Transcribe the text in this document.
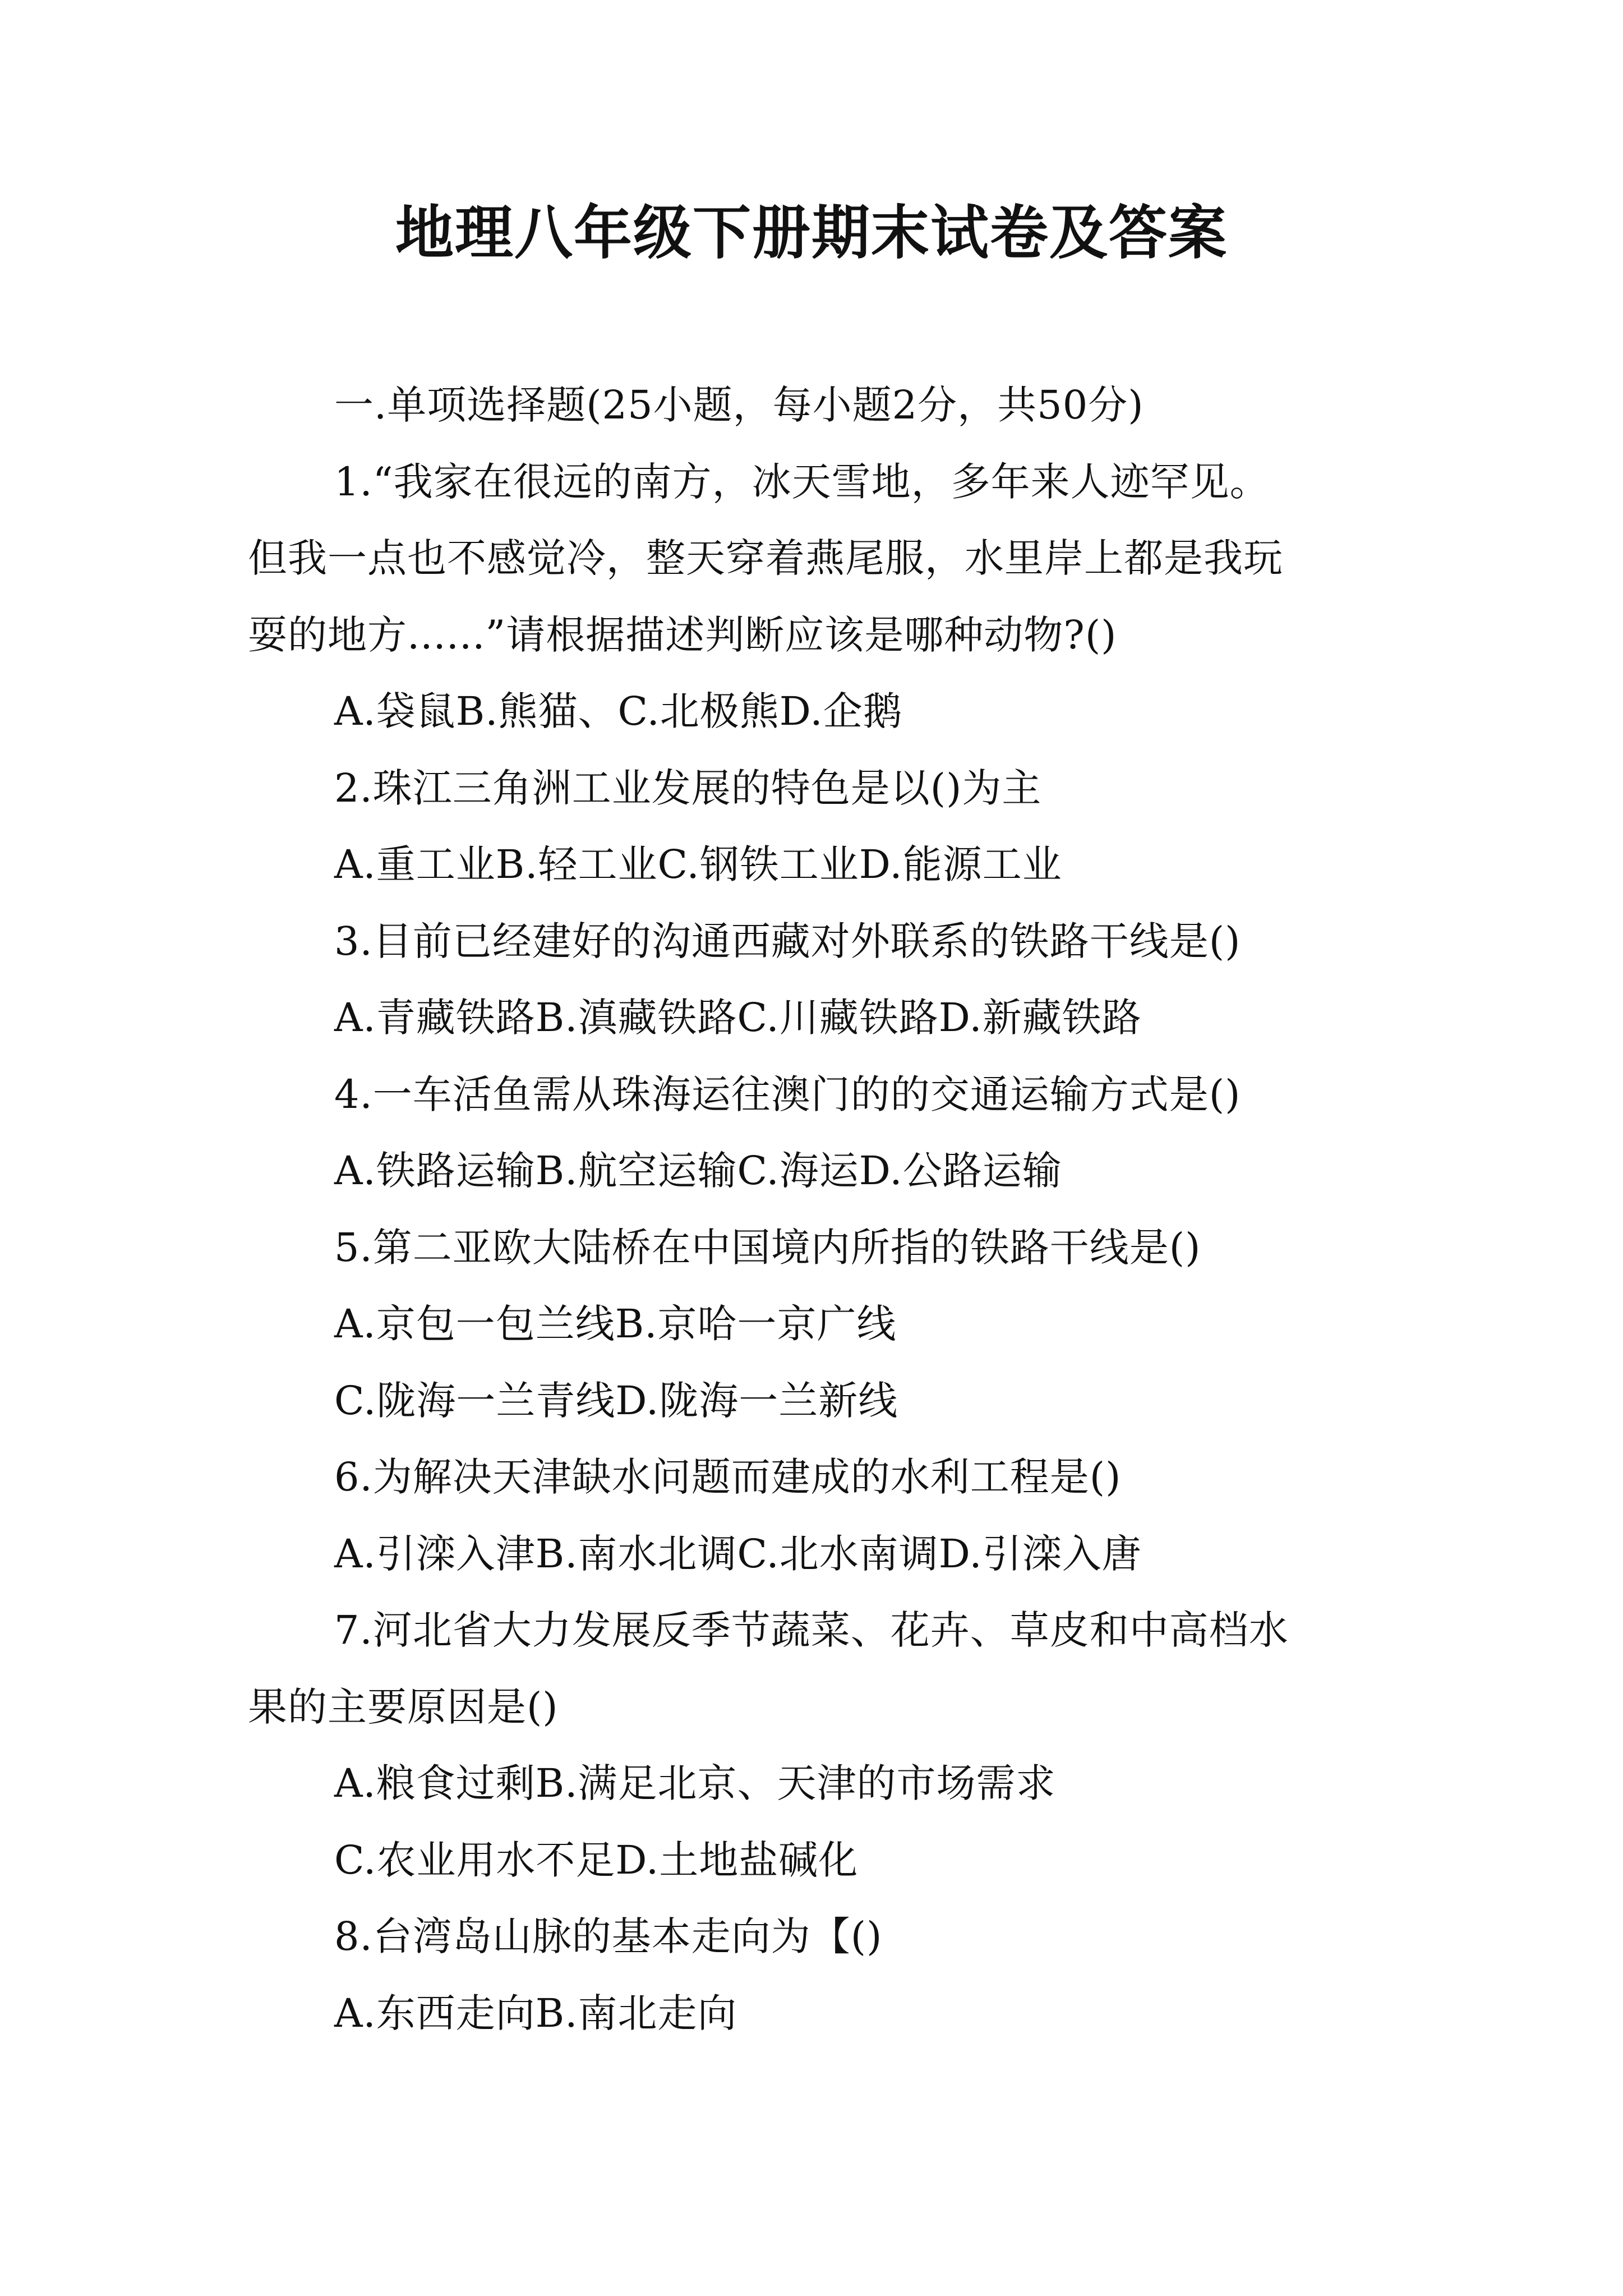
地理八年级下册期末试卷及答案
一.单项选择题(25小题，每小题2分，共50分)
1.“我家在很远的南方，冰天雪地，多年来人迹罕见。
但我一点也不感觉冷，整天穿着燕尾服，水里岸上都是我玩
耍的地方......”请根据描述判断应该是哪种动物?()
A.袋鼠B.熊猫、C.北极熊D.企鹅
2.珠江三角洲工业发展的特色是以()为主
A.重工业B.轻工业C.钢铁工业D.能源工业
3.目前已经建好的沟通西藏对外联系的铁路干线是()
A.青藏铁路B.滇藏铁路C.川藏铁路D.新藏铁路
4.一车活鱼需从珠海运往澳门的的交通运输方式是()
A.铁路运输B.航空运输C.海运D.公路运输
5.第二亚欧大陆桥在中国境内所指的铁路干线是()
A.京包一包兰线B.京哈一京广线
C.陇海一兰青线D.陇海一兰新线
6.为解决天津缺水问题而建成的水利工程是()
A.引滦入津B.南水北调C.北水南调D.引滦入唐
7.河北省大力发展反季节蔬菜、花卉、草皮和中高档水
果的主要原因是()
A.粮食过剩B.满足北京、天津的市场需求
C.农业用水不足D.土地盐碱化
8.台湾岛山脉的基本走向为【()
A.东西走向B.南北走向
